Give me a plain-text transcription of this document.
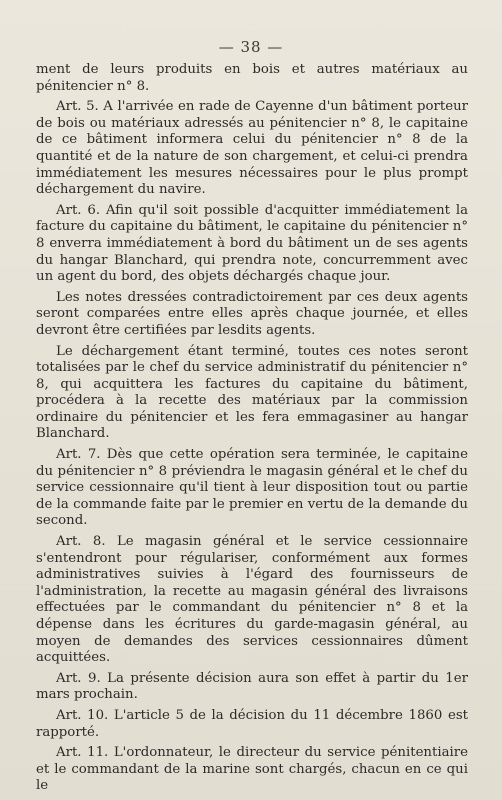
— 38 —

ment de leurs produits en bois et autres matériaux au pénitencier n° 8.

Art. 5. A l'arrivée en rade de Cayenne d'un bâtiment porteur de bois ou matériaux adressés au pénitencier n° 8, le capitaine de ce bâtiment informera celui du pénitencier n° 8 de la quantité et de la nature de son chargement, et celui-ci prendra immédiatement les mesures nécessaires pour le plus prompt déchargement du navire.

Art. 6. Afin qu'il soit possible d'acquitter immédiatement la facture du capitaine du bâtiment, le capitaine du pénitencier n° 8 enverra immédiatement à bord du bâtiment un de ses agents du hangar Blanchard, qui prendra note, concurremment avec un agent du bord, des objets déchargés chaque jour.

Les notes dressées contradictoirement par ces deux agents seront comparées entre elles après chaque journée, et elles devront être certifiées par lesdits agents.

Le déchargement étant terminé, toutes ces notes seront totalisées par le chef du service administratif du pénitencier n° 8, qui acquittera les factures du capitaine du bâtiment, procédera à la recette des matériaux par la commission ordinaire du pénitencier et les fera emmagasiner au hangar Blanchard.

Art. 7. Dès que cette opération sera terminée, le capitaine du pénitencier n° 8 préviendra le magasin général et le chef du service cessionnaire qu'il tient à leur disposition tout ou partie de la commande faite par le premier en vertu de la demande du second.

Art. 8. Le magasin général et le service cessionnaire s'entendront pour régulariser, conformément aux formes administratives suivies à l'égard des fournisseurs de l'administration, la recette au magasin général des livraisons effectuées par le commandant du pénitencier n° 8 et la dépense dans les écritures du garde-magasin général, au moyen de demandes des services cessionnaires dûment acquittées.

Art. 9. La présente décision aura son effet à partir du 1er mars prochain.

Art. 10. L'article 5 de la décision du 11 décembre 1860 est rapporté.

Art. 11. L'ordonnateur, le directeur du service pénitentiaire et le commandant de la marine sont chargés, chacun en ce qui le
